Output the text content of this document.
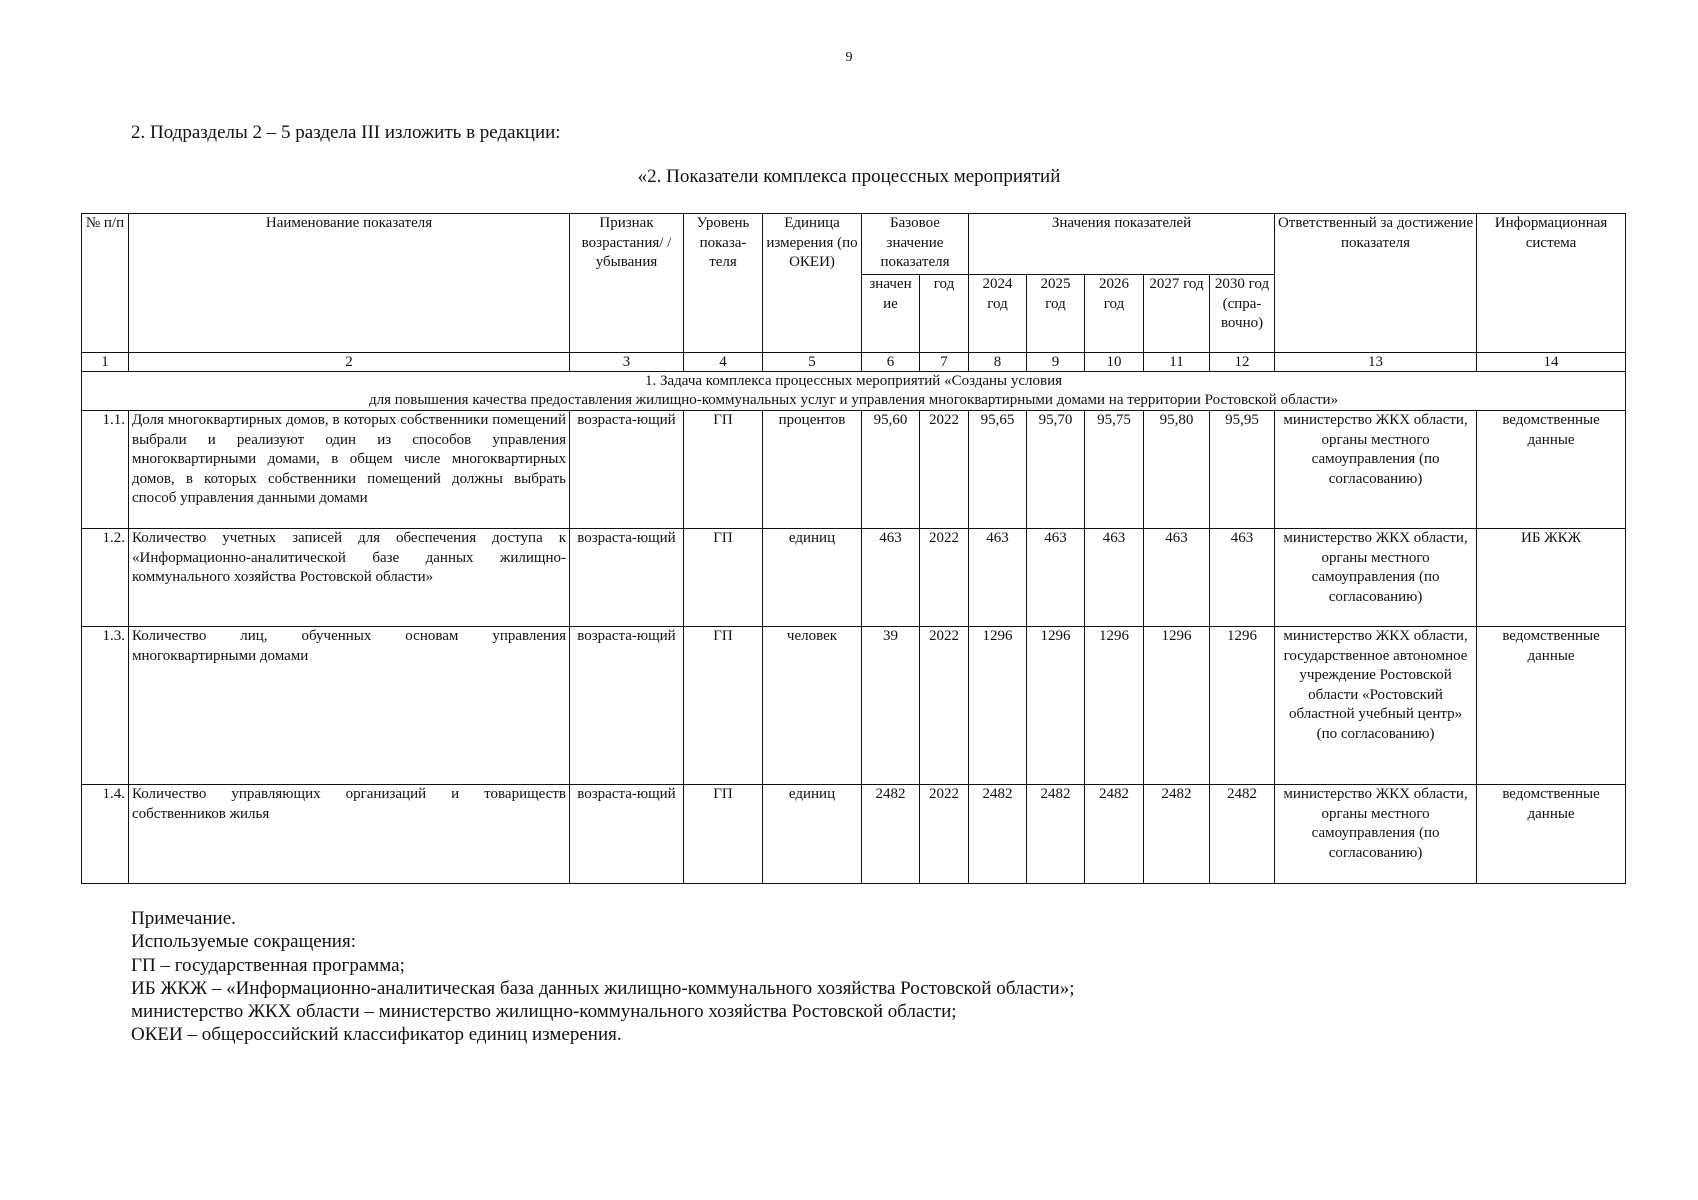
9
2. Подразделы 2 – 5 раздела III изложить в редакции:
«2. Показатели комплекса процессных мероприятий
№ п/п	Наименование показателя	Признак возрастания/ /убывания	Уровень показа-теля	Единица измерения (по ОКЕИ)	Базовое значение показателя		Значения показателей					Ответственный за достижение показателя	Информационная система
					значен ие	год	2024 год	2025 год	2026 год	2027 год	2030 год (спра-вочно)		
1	2	3	4	5	6	7	8	9	10	11	12	13	14

1. Задача комплекса процессных мероприятий «Созданы условия
для повышения качества предоставления жилищно-коммунальных услуг и управления многоквартирными домами на территории Ростовской области»													

1.1.	Доля многоквартирных домов, в которых собственники помещений выбрали и реализуют один из способов управления многоквартирными домами, в общем числе многоквартирных домов, в которых собственники помещений должны выбрать способ управления данными домами	возраста-ющий	ГП	процентов	95,60	2022	95,65	95,70	95,75	95,80	95,95	министерство ЖКХ области, органы местного самоуправления (по согласованию)	ведомственные данные
1.2.	Количество учетных записей для обеспечения доступа к «Информационно-аналитической базе данных жилищно-коммунального хозяйства Ростовской области»	возраста-ющий	ГП	единиц	463	2022	463	463	463	463	463	министерство ЖКХ области, органы местного самоуправления (по согласованию)	ИБ ЖКЖ
1.3.	Количество лиц, обученных основам управления многоквартирными домами	возраста-ющий	ГП	человек	39	2022	1296	1296	1296	1296	1296	министерство ЖКХ области, государственное автономное учреждение Ростовской области «Ростовский областной учебный центр» (по согласованию)	ведомственные данные
1.4.	Количество управляющих организаций и товариществ собственников жилья	возраста-ющий	ГП	единиц	2482	2022	2482	2482	2482	2482	2482	министерство ЖКХ области, органы местного самоуправления (по согласованию)	ведомственные данные
Примечание.
Используемые сокращения:
ГП – государственная программа;
ИБ ЖКЖ – «Информационно-аналитическая база данных жилищно-коммунального хозяйства Ростовской области»;
министерство ЖКХ области – министерство жилищно-коммунального хозяйства Ростовской области;
ОКЕИ – общероссийский классификатор единиц измерения.
